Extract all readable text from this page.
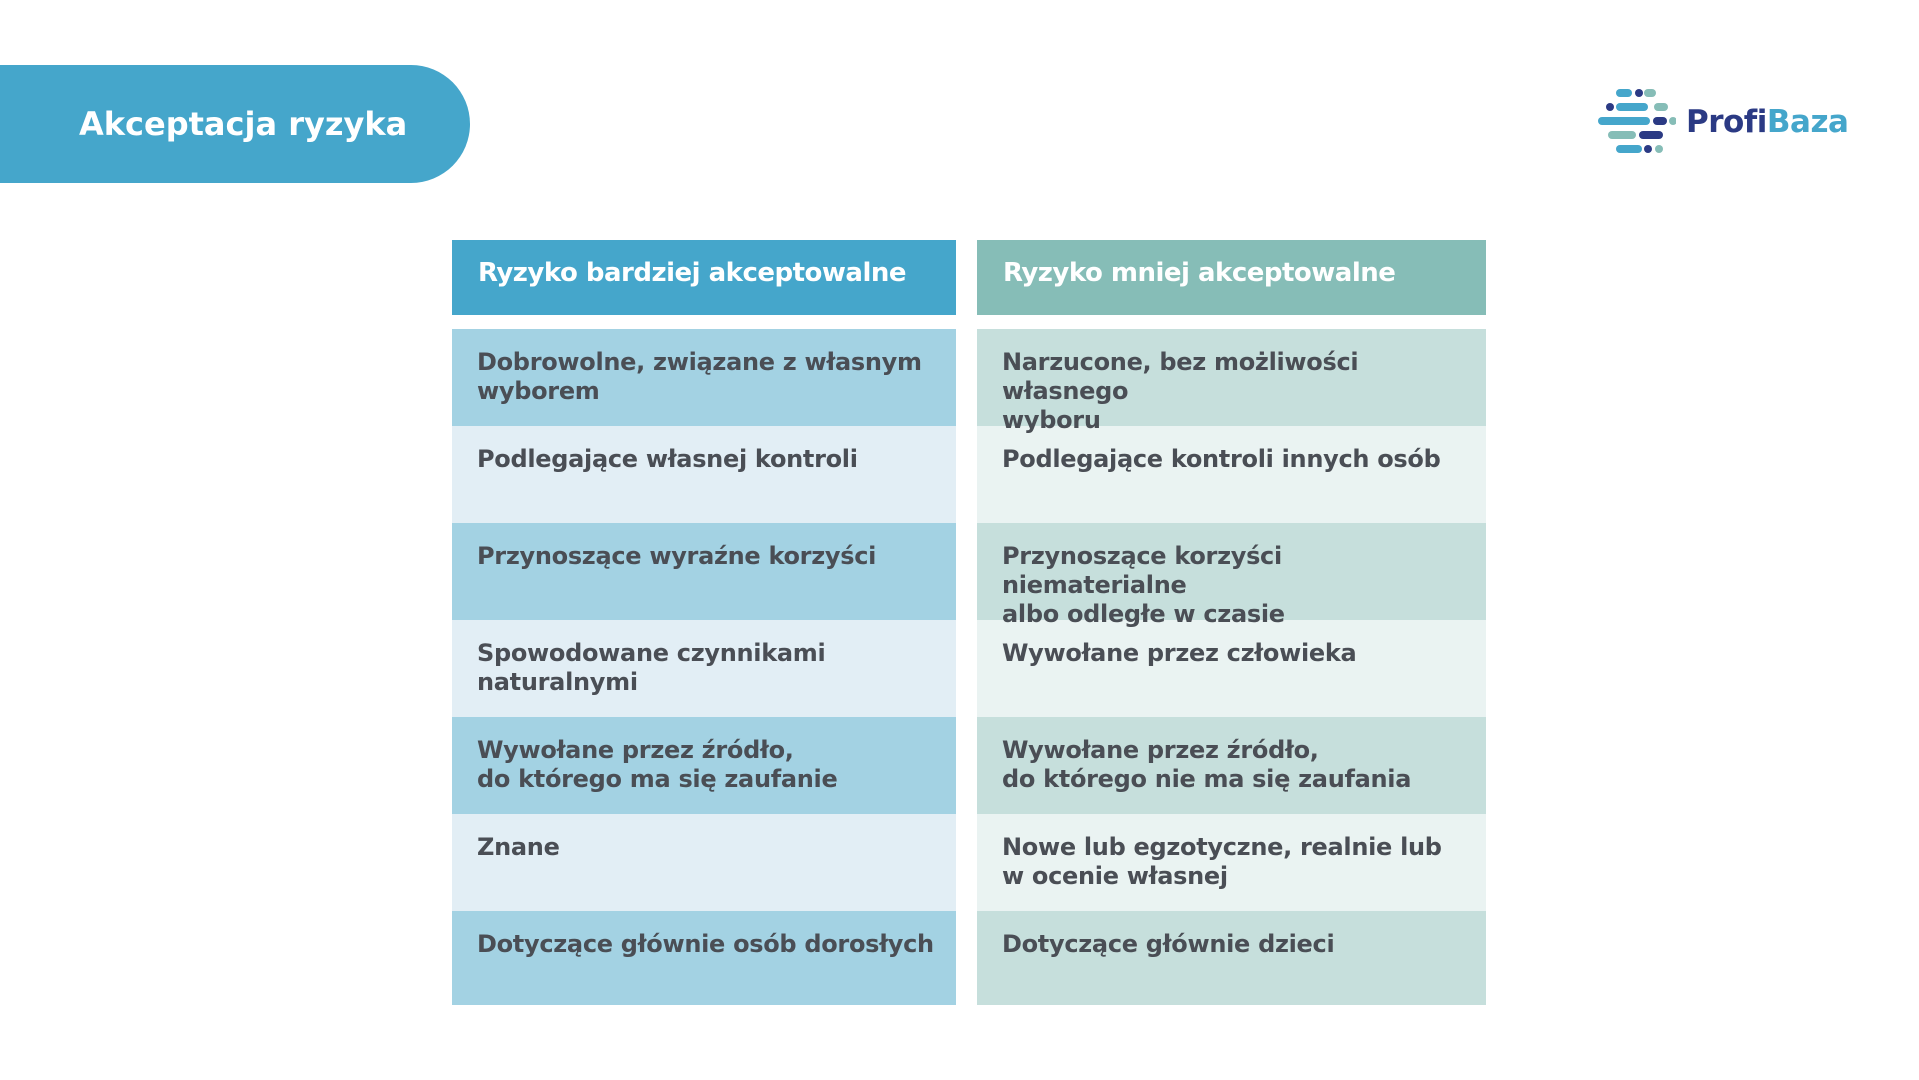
Akceptacja ryzyka	ProfiBaza
Ryzyko bardziej akceptowalne
Dobrowolne, związane z własnym
wyborem
Podlegające własnej kontroli
Przynoszące wyraźne korzyści
Spowodowane czynnikami
naturalnymi
Wywołane przez źródło,
do którego ma się zaufanie
Znane
Dotyczące głównie osób dorosłych
Ryzyko mniej akceptowalne
Narzucone, bez możliwości własnego
wyboru
Podlegające kontroli innych osób
Przynoszące korzyści niematerialne
albo odległe w czasie
Wywołane przez człowieka
Wywołane przez źródło,
do którego nie ma się zaufania
Nowe lub egzotyczne, realnie lub
w ocenie własnej
Dotyczące głównie dzieci
